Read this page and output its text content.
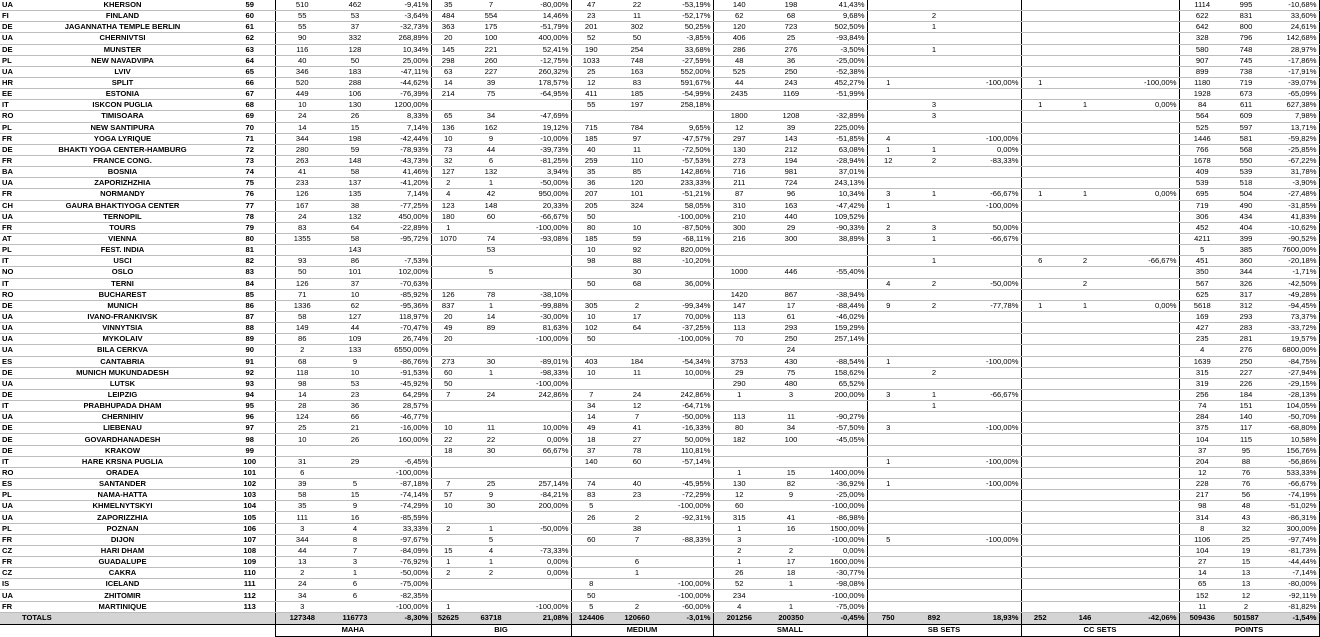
UA	KHERSON	59	510	462	-9,41%	35	7	-80,00%	47	22	-53,19%	140	198	41,43%							1114	995	-10,68%
FI	FINLAND	60	55	53	-3,64%	484	554	14,46%	23	11	-52,17%	62	68	9,68%		2					622	831	33,60%
DE	JAGANNATHA TEMPLE BERLIN	61	55	37	-32,73%	363	175	-51,79%	201	302	50,25%	120	723	502,50%		1					642	800	24,61%
UA	CHERNIVTSI	62	90	332	268,89%	20	100	400,00%	52	50	-3,85%	406	25	-93,84%							328	796	142,68%
DE	MUNSTER	63	116	128	10,34%	145	221	52,41%	190	254	33,68%	286	276	-3,50%		1					580	748	28,97%
PL	NEW NAVADVIPA	64	40	50	25,00%	298	260	-12,75%	1033	748	-27,59%	48	36	-25,00%							907	745	-17,86%
UA	LVIV	65	346	183	-47,11%	63	227	260,32%	25	163	552,00%	525	250	-52,38%							899	738	-17,91%
HR	SPLIT	66	520	288	-44,62%	14	39	178,57%	12	83	591,67%	44	243	452,27%	1		-100,00%	1		-100,00%	1180	719	-39,07%
EE	ESTONIA	67	449	106	-76,39%	214	75	-64,95%	411	185	-54,99%	2435	1169	-51,99%							1928	673	-65,09%
IT	ISKCON PUGLIA	68	10	130	1200,00%				55	197	258,18%					3		1	1	0,00%	84	611	627,38%
RO	TIMISOARA	69	24	26	8,33%	65	34	-47,69%				1800	1208	-32,89%		3					564	609	7,98%
PL	NEW SANTIPURA	70	14	15	7,14%	136	162	19,12%	715	784	9,65%	12	39	225,00%							525	597	13,71%
FR	YOGA LYRIQUE	71	344	198	-42,44%	10	9	-10,00%	185	97	-47,57%	297	143	-51,85%	4		-100,00%				1446	581	-59,82%
DE	BHAKTI YOGA CENTER-HAMBURG	72	280	59	-78,93%	73	44	-39,73%	40	11	-72,50%	130	212	63,08%	1	1	0,00%				766	568	-25,85%
FR	FRANCE CONG.	73	263	148	-43,73%	32	6	-81,25%	259	110	-57,53%	273	194	-28,94%	12	2	-83,33%				1678	550	-67,22%
BA	BOSNIA	74	41	58	41,46%	127	132	3,94%	35	85	142,86%	716	981	37,01%							409	539	31,78%
UA	ZAPORIZHZHIA	75	233	137	-41,20%	2	1	-50,00%	36	120	233,33%	211	724	243,13%							539	518	-3,90%
FR	NORMANDY	76	126	135	7,14%	4	42	950,00%	207	101	-51,21%	87	96	10,34%	3	1	-66,67%	1	1	0,00%	695	504	-27,48%
CH	GAURA BHAKTIYOGA CENTER	77	167	38	-77,25%	123	148	20,33%	205	324	58,05%	310	163	-47,42%	1		-100,00%				719	490	-31,85%
UA	TERNOPIL	78	24	132	450,00%	180	60	-66,67%	50		-100,00%	210	440	109,52%							306	434	41,83%
FR	TOURS	79	83	64	-22,89%	1		-100,00%	80	10	-87,50%	300	29	-90,33%	2	3	50,00%				452	404	-10,62%
AT	VIENNA	80	1355	58	-95,72%	1070	74	-93,08%	185	59	-68,11%	216	300	38,89%	3	1	-66,67%				4211	399	-90,52%
PL	FEST. INDIA	81		143			53		10	92	820,00%										5	385	7600,00%
IT	USCI	82	93	86	-7,53%				98	88	-10,20%					1		6	2	-66,67%	451	360	-20,18%
NO	OSLO	83	50	101	102,00%		5			30		1000	446	-55,40%							350	344	-1,71%
IT	TERNI	84	126	37	-70,63%				50	68	36,00%				4	2	-50,00%		2		567	326	-42,50%
RO	BUCHAREST	85	71	10	-85,92%	126	78	-38,10%				1420	867	-38,94%							625	317	-49,28%
DE	MUNICH	86	1336	62	-95,36%	837	1	-99,88%	305	2	-99,34%	147	17	-88,44%	9	2	-77,78%	1	1	0,00%	5618	312	-94,45%
UA	IVANO-FRANKIVSK	87	58	127	118,97%	20	14	-30,00%	10	17	70,00%	113	61	-46,02%							169	293	73,37%
UA	VINNYTSIA	88	149	44	-70,47%	49	89	81,63%	102	64	-37,25%	113	293	159,29%							427	283	-33,72%
UA	MYKOLAIV	89	86	109	26,74%	20		-100,00%	50		-100,00%	70	250	257,14%							235	281	19,57%
UA	BILA CERKVA	90	2	133	6550,00%								24								4	276	6800,00%
ES	CANTABRIA	91	68	9	-86,76%	273	30	-89,01%	403	184	-54,34%	3753	430	-88,54%	1		-100,00%				1639	250	-84,75%
DE	MUNICH MUKUNDADESH	92	118	10	-91,53%	60	1	-98,33%	10	11	10,00%	29	75	158,62%		2					315	227	-27,94%
UA	LUTSK	93	98	53	-45,92%	50		-100,00%				290	480	65,52%							319	226	-29,15%
DE	LEIPZIG	94	14	23	64,29%	7	24	242,86%	7	24	242,86%	1	3	200,00%	3	1	-66,67%				256	184	-28,13%
IT	PRABHUPADA DHAM	95	28	36	28,57%				34	12	-64,71%					1					74	151	104,05%
UA	CHERNIHIV	96	124	66	-46,77%				14	7	-50,00%	113	11	-90,27%							284	140	-50,70%
DE	LIEBENAU	97	25	21	-16,00%	10	11	10,00%	49	41	-16,33%	80	34	-57,50%	3		-100,00%				375	117	-68,80%
DE	GOVARDHANADESH	98	10	26	160,00%	22	22	0,00%	18	27	50,00%	182	100	-45,05%							104	115	10,58%
DE	KRAKOW	99				18	30	66,67%	37	78	110,81%										37	95	156,76%
IT	HARE KRSNA PUGLIA	100	31	29	-6,45%				140	60	-57,14%				1		-100,00%				204	88	-56,86%
RO	ORADEA	101	6		-100,00%							1	15	1400,00%							12	76	533,33%
ES	SANTANDER	102	39	5	-87,18%	7	25	257,14%	74	40	-45,95%	130	82	-36,92%	1		-100,00%				228	76	-66,67%
PL	NAMA-HATTA	103	58	15	-74,14%	57	9	-84,21%	83	23	-72,29%	12	9	-25,00%							217	56	-74,19%
UA	KHMELNYTSKYI	104	35	9	-74,29%	10	30	200,00%	5		-100,00%	60		-100,00%							98	48	-51,02%
UA	ZAPORIZZHIA	105	111	16	-85,59%				26	2	-92,31%	315	41	-86,98%							314	43	-86,31%
PL	POZNAN	106	3	4	33,33%	2	1	-50,00%		38		1	16	1500,00%							8	32	300,00%
FR	DIJON	107	344	8	-97,67%		5		60	7	-88,33%	3		-100,00%	5		-100,00%				1106	25	-97,74%
CZ	HARI DHAM	108	44	7	-84,09%	15	4	-73,33%				2	2	0,00%							104	19	-81,73%
FR	GUADALUPE	109	13	3	-76,92%	1	1	0,00%		6		1	17	1600,00%							27	15	-44,44%
CZ	CAKRA	110	2	1	-50,00%	2	2	0,00%		1		26	18	-30,77%							14	13	-7,14%
IS	ICELAND	111	24	6	-75,00%				8		-100,00%	52	1	-98,08%							65	13	-80,00%
UA	ZHITOMIR	112	34	6	-82,35%				50		-100,00%	234		-100,00%							152	12	-92,11%
FR	MARTINIQUE	113	3		-100,00%	1		-100,00%	5	2	-60,00%	4	1	-75,00%							11	2	-81,82%
	TOTALS		127348	116773	-8,30%	52625	63718	21,08%	124406	120660	-3,01%	201256	200350	-0,45%	750	892	18,93%	252	146	-42,06%	509436	501587	-1,54%
			MAHA			BIG			MEDIUM			SMALL			SB SETS			CC SETS			POINTS		
